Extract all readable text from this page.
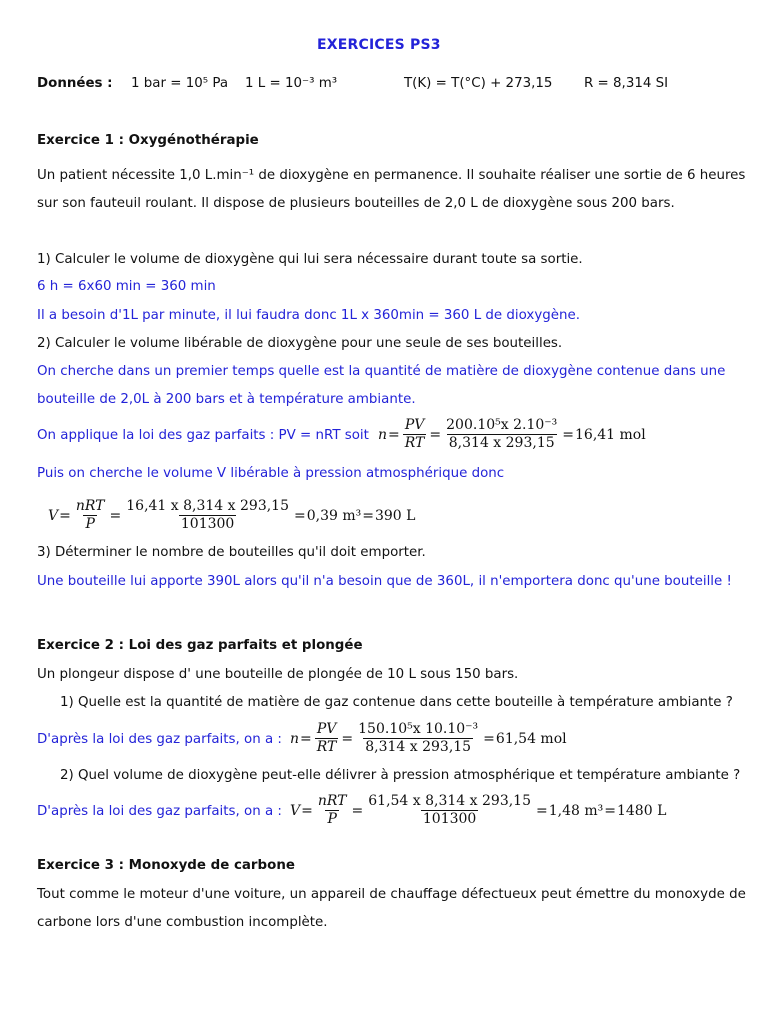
EXERCICES PS3
Données : 1 bar = 10⁵ Pa 1 L = 10⁻³ m³	T(K) = T(°C) + 273,15 R = 8,314 SI
Exercice 1 : Oxygénothérapie
Un patient nécessite 1,0 L.min⁻¹ de dioxygène en permanence. Il souhaite réaliser une sortie de 6 heures
sur son fauteuil roulant. Il dispose de plusieurs bouteilles de 2,0 L de dioxygène sous 200 bars.
1) Calculer le volume de dioxygène qui lui sera nécessaire durant toute sa sortie.
6 h = 6x60 min = 360 min
Il a besoin d'1L par minute, il lui faudra donc 1L x 360min = 360 L de dioxygène.
2) Calculer le volume libérable de dioxygène pour une seule de ses bouteilles.
On cherche dans un premier temps quelle est la quantité de matière de dioxygène contenue dans une
bouteille de 2,0L à 200 bars et à température ambiante.
On applique la loi des gaz parfaits : PV = nRT soit $n = \frac{PV}{RT} = \frac{\text{200.10⁵x 2.10⁻³}}{8,314 x 293,15} = 16,41$ mol
Puis on cherche le volume V libérable à pression atmosphérique donc
$V = \frac{\text{nRT}}{P} = \frac{16,41 x 8,314 x 293,15}{101300} = 0,39$ m³ = 390 L
3) Déterminer le nombre de bouteilles qu'il doit emporter.
Une bouteille lui apporte 390L alors qu'il n'a besoin que de 360L, il n'emportera donc qu'une bouteille !
Exercice 2 : Loi des gaz parfaits et plongée
Un plongeur dispose d' une bouteille de plongée de 10 L sous 150 bars.
1) Quelle est la quantité de matière de gaz contenue dans cette bouteille à température ambiante ?
D'après la loi des gaz parfaits, on a : $n = \frac{PV}{RT} = \frac{\text{150.10⁵x 10.10⁻³}}{8,314 x 293,15} = 61,54$ mol
2) Quel volume de dioxygène peut-elle délivrer à pression atmosphérique et température ambiante ?
D'après la loi des gaz parfaits, on a : $V = \frac{\text{nRT}}{P} = \frac{61,54 x 8,314 x 293,15}{101300} = 1,48$ m³ = 1480 L
Exercice 3 : Monoxyde de carbone
Tout comme le moteur d'une voiture, un appareil de chauffage défectueux peut émettre du monoxyde de
carbone lors d'une combustion incomplète.
